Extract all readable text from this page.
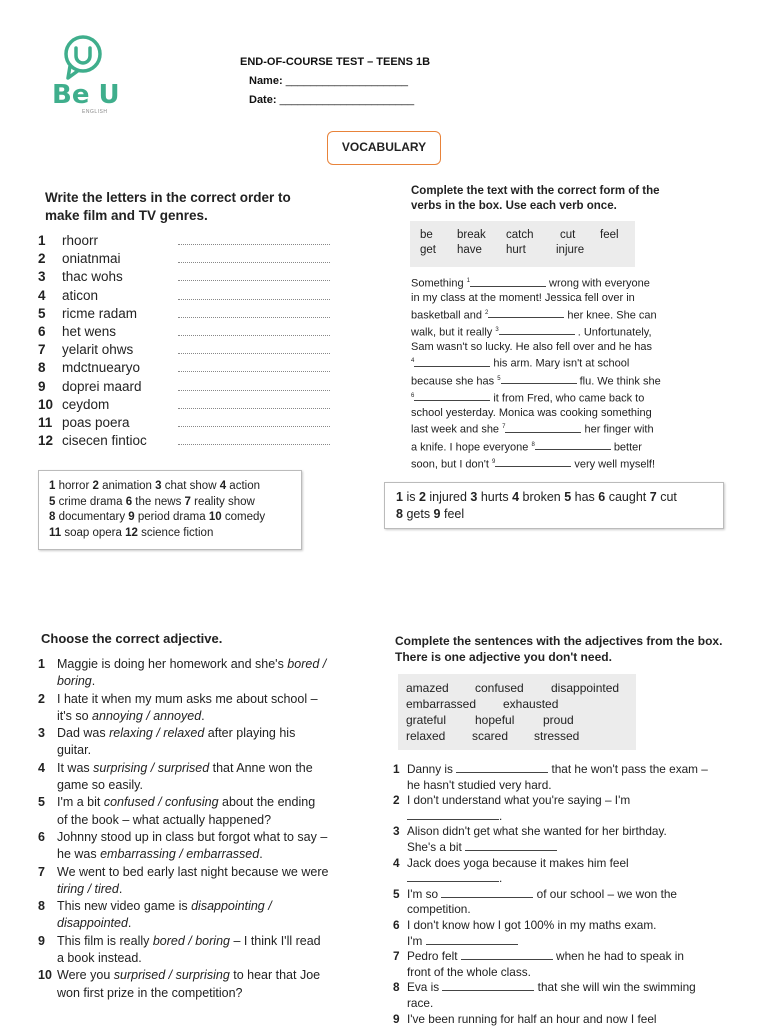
Be U
ENGLISH
END-OF-COURSE TEST – TEENS 1B
Name: ____________________
Date: ______________________
VOCABULARY
Write the letters in the correct order to
make film and TV genres.
1	rhoorr
2	oniatnmai
3	thac wohs
4	aticon
5	ricme radam
6	het wens
7	yelarit ohws
8	mdctnuearyo
9	doprei maard
10 ceydom
11 poas poera
12 cisecen fintioc
1 horror 2 animation 3 chat show 4 action
5 crime drama 6 the news 7 reality show
8 documentary 9 period drama 10 comedy
11 soap opera 12 science fiction
Complete the text with the correct form of the
verbs in the box. Use each verb once.
be break catch cut feel
get have hurt	injure
Something $^1$	wrong with everyone
in my class at the moment! Jessica fell over in
basketball and $^2$	her knee. She can
walk, but it really $^3$	. Unfortunately,
Sam wasn't so lucky. He also fell over and he has
$^4$	his arm. Mary isn't at school
because she has $^5$	flu. We think she
$^6$	it from Fred, who came back to
school yesterday. Monica was cooking something
last week and she $^7$	her finger with
a knife. I hope everyone $^8$	better
soon, but I don't $^9$	very well myself!
1 is 2 injured 3 hurts 4 broken 5 has 6 caught 7 cut
8 gets 9 feel
Choose the correct adjective.
1 Maggie is doing her homework and she's bored /
boring.
2 I hate it when my mum asks me about school –
it's so annoying / annoyed.
3 Dad was relaxing / relaxed after playing his
guitar.
4 It was surprising / surprised that Anne won the
game so easily.
5 I'm a bit confused / confusing about the ending
of the book – what actually happened?
6 Johnny stood up in class but forgot what to say –
he was embarrassing / embarrassed.
7 We went to bed early last night because we were
tiring / tired.
8 This new video game is disappointing /
disappointed.
9 This film is really bored / boring – I think I'll read
a book instead.
10 Were you surprised / surprising to hear that Joe
won first prize in the competition?
Complete the sentences with the adjectives from the box.
There is one adjective you don't need.
amazed confused disappointed
embarrassed exhausted
grateful hopeful proud
relaxed scared stressed
1 Danny is	that he won't pass the exam –
he hasn't studied very hard.
2 I don't understand what you're saying – I'm
.
3 Alison didn't get what she wanted for her birthday.
She's a bit
4 Jack does yoga because it makes him feel
.
5 I'm so	of our school – we won the
competition.
6 I don't know how I got 100% in my maths exam.
I'm
7 Pedro felt	when he had to speak in
front of the whole class.
8 Eva is	that she will win the swimming
race.
9 I've been running for half an hour and now I feel
